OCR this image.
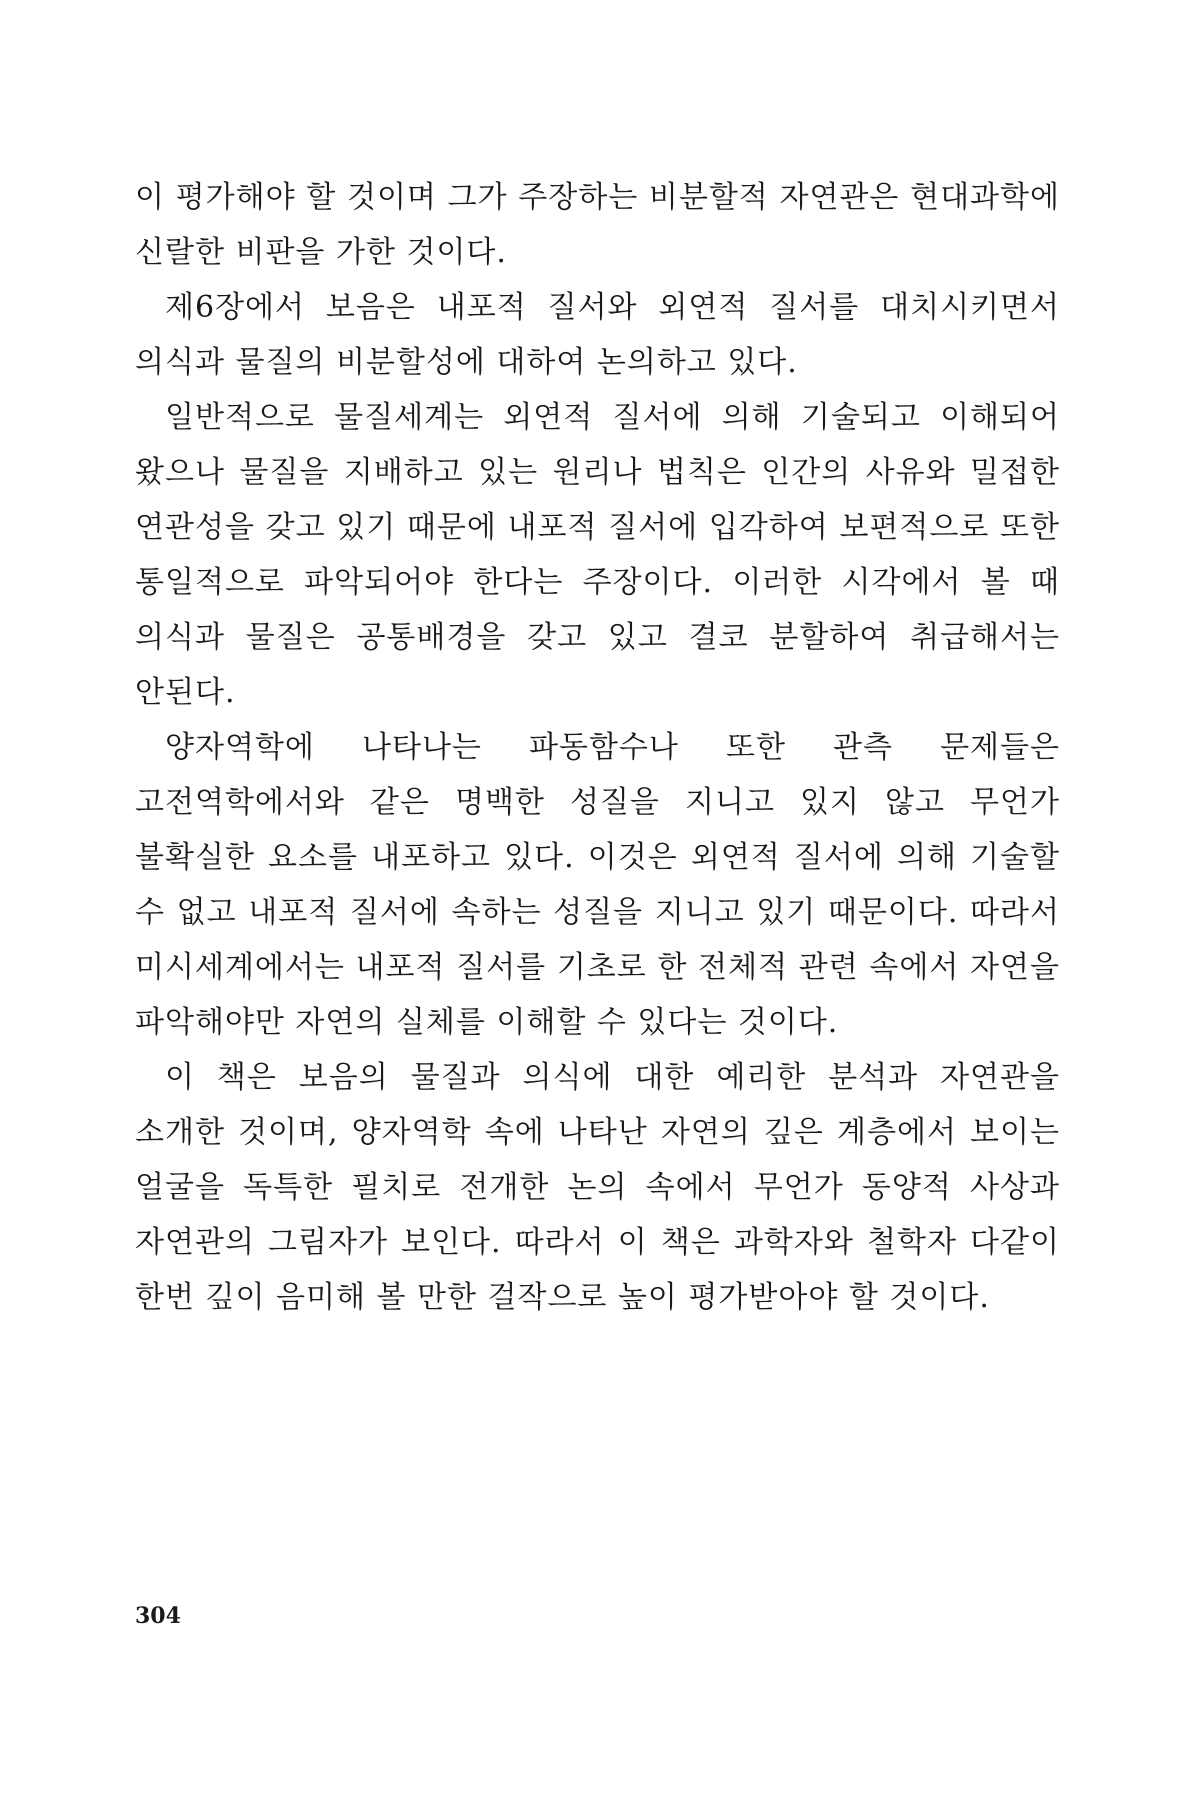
이 평가해야 할 것이며 그가 주장하는 비분할적 자연관은 현대과학에 신랄한 비판을 가한 것이다.

제6장에서 보음은 내포적 질서와 외연적 질서를 대치시키면서 의식과 물질의 비분할성에 대하여 논의하고 있다.

일반적으로 물질세계는 외연적 질서에 의해 기술되고 이해되어 왔으나 물질을 지배하고 있는 원리나 법칙은 인간의 사유와 밀접한 연관성을 갖고 있기 때문에 내포적 질서에 입각하여 보편적으로 또한 통일적으로 파악되어야 한다는 주장이다. 이러한 시각에서 볼 때 의식과 물질은 공통배경을 갖고 있고 결코 분할하여 취급해서는 안된다.

양자역학에 나타나는 파동함수나 또한 관측 문제들은 고전역학에서와 같은 명백한 성질을 지니고 있지 않고 무언가 불확실한 요소를 내포하고 있다. 이것은 외연적 질서에 의해 기술할 수 없고 내포적 질서에 속하는 성질을 지니고 있기 때문이다. 따라서 미시세계에서는 내포적 질서를 기초로 한 전체적 관련 속에서 자연을 파악해야만 자연의 실체를 이해할 수 있다는 것이다.

이 책은 보음의 물질과 의식에 대한 예리한 분석과 자연관을 소개한 것이며, 양자역학 속에 나타난 자연의 깊은 계층에서 보이는 얼굴을 독특한 필치로 전개한 논의 속에서 무언가 동양적 사상과 자연관의 그림자가 보인다. 따라서 이 책은 과학자와 철학자 다같이 한번 깊이 음미해 볼 만한 걸작으로 높이 평가받아야 할 것이다.

304
